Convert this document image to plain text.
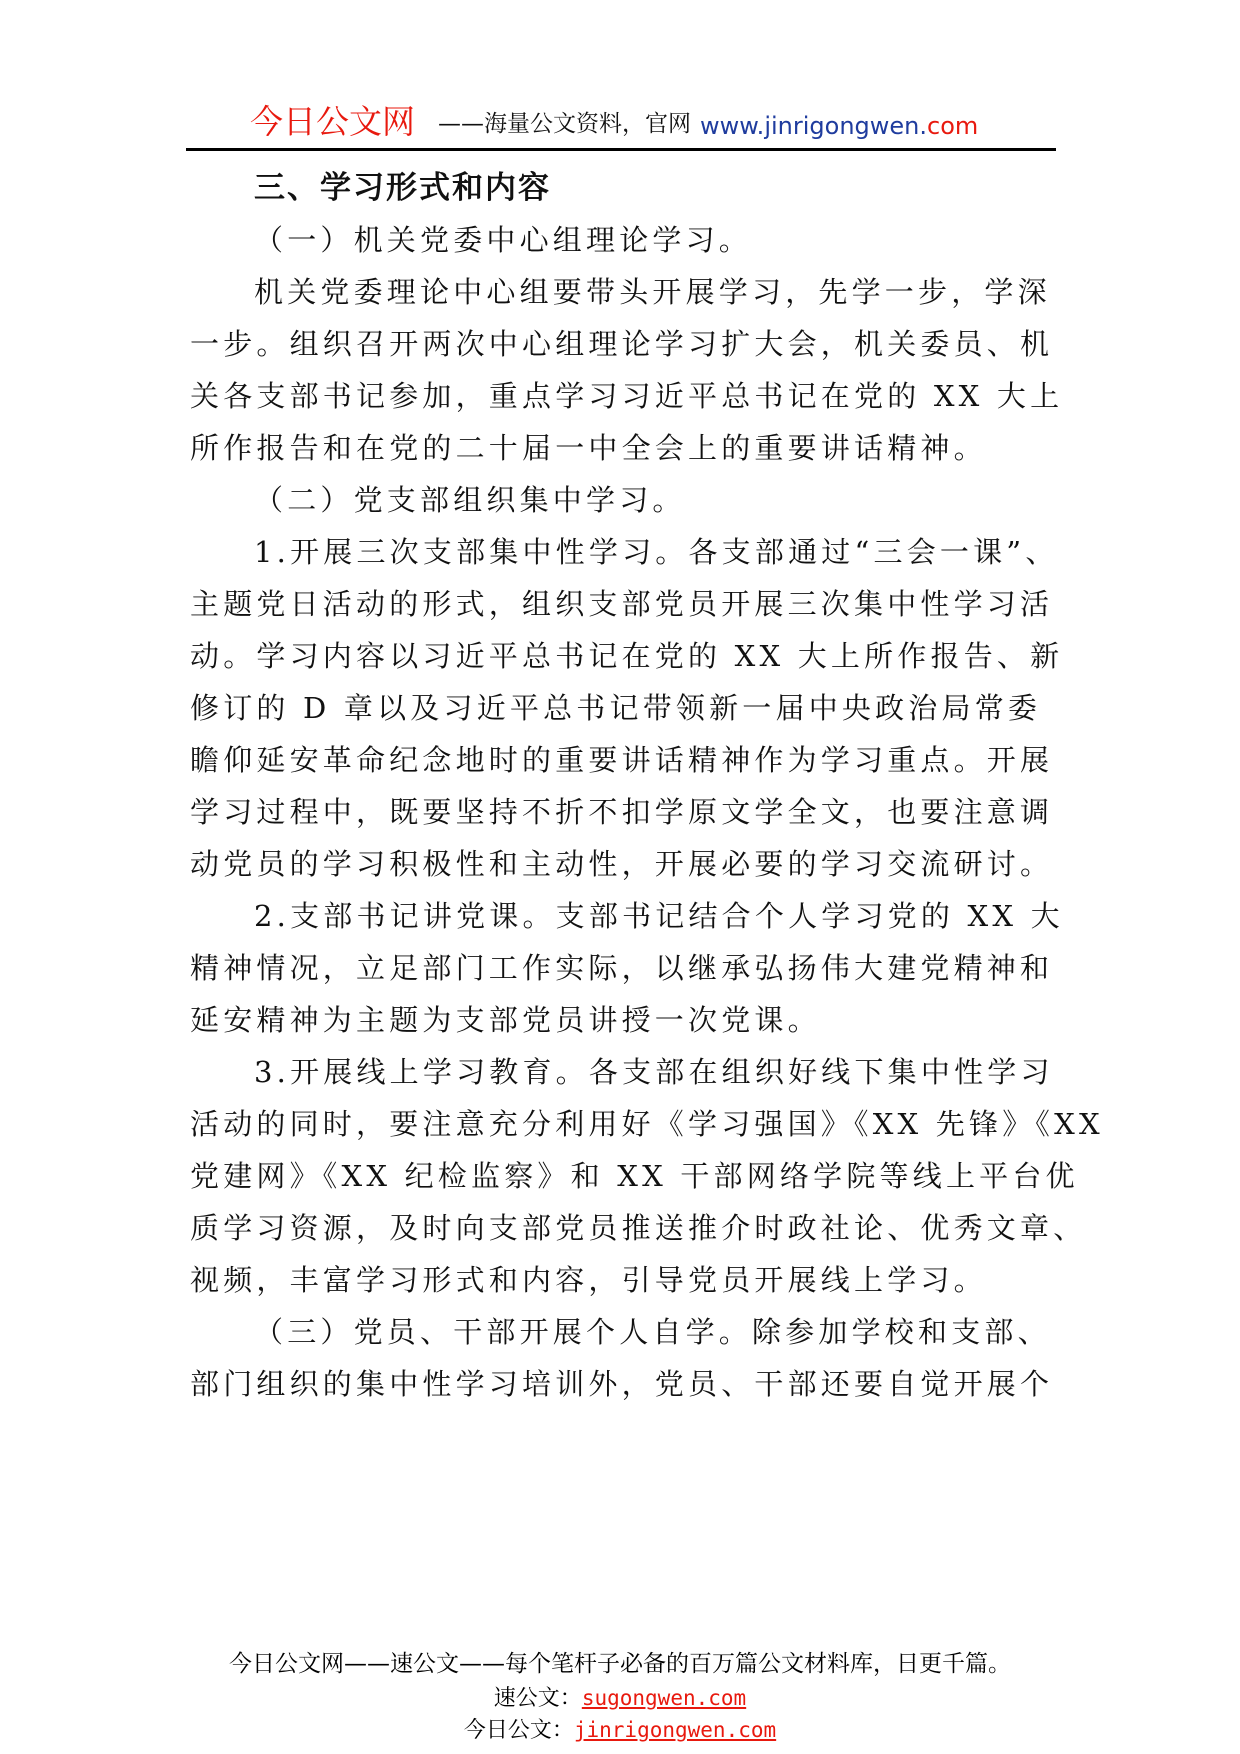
今日公文网 ——海量公文资料，官网 www.jinrigongwen.com
三、学习形式和内容
（一）机关党委中心组理论学习。
机关党委理论中心组要带头开展学习，先学一步，学深
一步。组织召开两次中心组理论学习扩大会，机关委员、机
关各支部书记参加，重点学习习近平总书记在党的 XX 大上
所作报告和在党的二十届一中全会上的重要讲话精神。
（二）党支部组织集中学习。
1.开展三次支部集中性学习。各支部通过“三会一课”、
主题党日活动的形式，组织支部党员开展三次集中性学习活
动。学习内容以习近平总书记在党的 XX 大上所作报告、新
修订的 D 章以及习近平总书记带领新一届中央政治局常委
瞻仰延安革命纪念地时的重要讲话精神作为学习重点。开展
学习过程中，既要坚持不折不扣学原文学全文，也要注意调
动党员的学习积极性和主动性，开展必要的学习交流研讨。
2.支部书记讲党课。支部书记结合个人学习党的 XX 大
精神情况，立足部门工作实际，以继承弘扬伟大建党精神和
延安精神为主题为支部党员讲授一次党课。
3.开展线上学习教育。各支部在组织好线下集中性学习
活动的同时，要注意充分利用好《学习强国》《XX 先锋》《XX
党建网》《XX 纪检监察》和 XX 干部网络学院等线上平台优
质学习资源，及时向支部党员推送推介时政社论、优秀文章、
视频，丰富学习形式和内容，引导党员开展线上学习。
（三）党员、干部开展个人自学。除参加学校和支部、
部门组织的集中性学习培训外，党员、干部还要自觉开展个
今日公文网——速公文——每个笔杆子必备的百万篇公文材料库，日更千篇。
速公文：sugongwen.com
今日公文：jinrigongwen.com
